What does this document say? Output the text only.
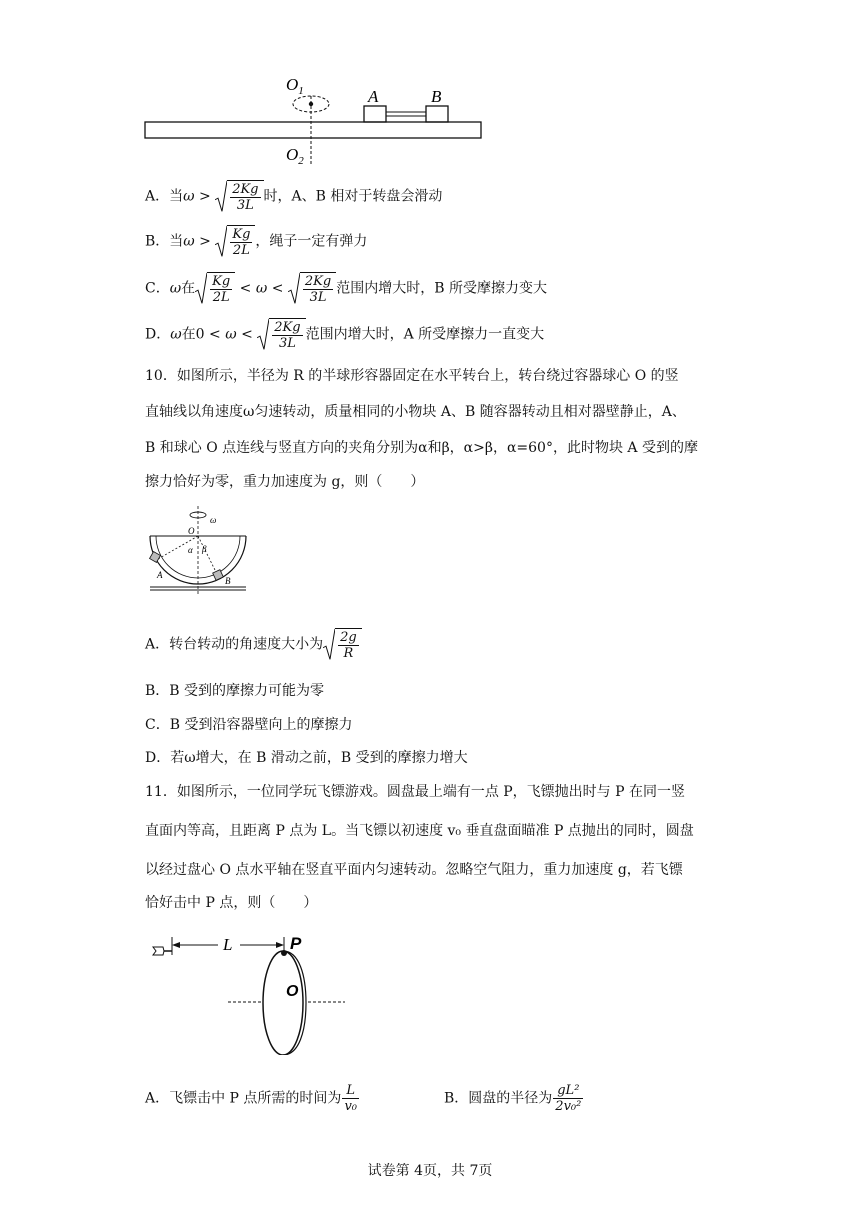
$O_1$
$O_2$
A	B
A．当$\omega > \frac{2Kg}{3L}$ 时，A、B 相对于转盘会滑动
B．当$\omega > \frac{Kg}{2L}$ ，绳子一定有弹力
C．ω在 $\frac{Kg}{2L} < \omega < \frac{2Kg}{3L}$ 范围内增大时，B 所受摩擦力变大
D．ω在$0 < \omega < \frac{2Kg}{3L}$ 范围内增大时，A 所受摩擦力一直变大
10．如图所示，半径为 R 的半球形容器固定在水平转台上，转台绕过容器球心 O 的竖
直轴线以角速度ω匀速转动，质量相同的小物块 A、B 随容器转动且相对器壁静止，A、
B 和球心 O 点连线与竖直方向的夹角分别为α和β，α>β，α=60°，此时物块 A 受到的摩
擦力恰好为零，重力加速度为 g，则（　　）
ω
O
α β
A
B
A．转台转动的角速度大小为 $\frac{2g}{R}$
B．B 受到的摩擦力可能为零
C．B 受到沿容器壁向上的摩擦力
D．若ω增大，在 B 滑动之前，B 受到的摩擦力增大
11．如图所示，一位同学玩飞镖游戏。圆盘最上端有一点 P，飞镖抛出时与 P 在同一竖
直面内等高，且距离 P 点为 L。当飞镖以初速度 v₀ 垂直盘面瞄准 P 点抛出的同时，圆盘
以经过盘心 O 点水平轴在竖直平面内匀速转动。忽略空气阻力，重力加速度 g，若飞镖
恰好击中 P 点，则（　　）
L	P
O
A．飞镖击中 P 点所需的时间为 $\frac{L}{\text{v₀}}$	B．圆盘的半径为 $\frac{\text{gL²}}{\text{2v₀²}}$
试卷第 4页，共 7页
